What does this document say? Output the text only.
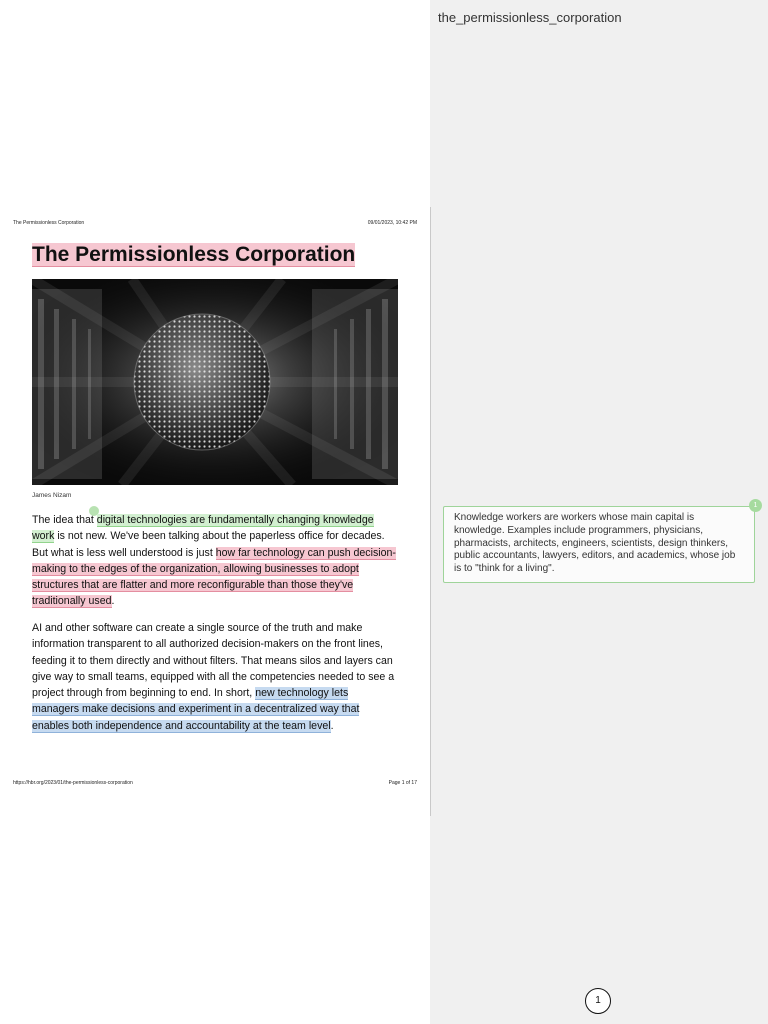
the_permissionless_corporation
The Permissionless Corporation	09/01/2023, 10:42 PM
The Permissionless Corporation
James Nizam
The idea that digital technologies are fundamentally changing knowledge work is not new. We've been talking about the paperless office for decades. But what is less well understood is just how far technology can push decision-making to the edges of the organization, allowing businesses to adopt structures that are flatter and more reconfigurable than those they've traditionally used.
AI and other software can create a single source of the truth and make information transparent to all authorized decision-makers on the front lines, feeding it to them directly and without filters. That means silos and layers can give way to small teams, equipped with all the competencies needed to see a project through from beginning to end. In short, new technology lets managers make decisions and experiment in a decentralized way that enables both independence and accountability at the team level.
https://hbr.org/2023/01/the-permissionless-corporation	Page 1 of 17
Knowledge workers are workers whose main capital is knowledge. Examples include programmers, physicians, pharmacists, architects, engineers, scientists, design thinkers, public accountants, lawyers, editors, and academics, whose job is to "think for a living".
1
1
